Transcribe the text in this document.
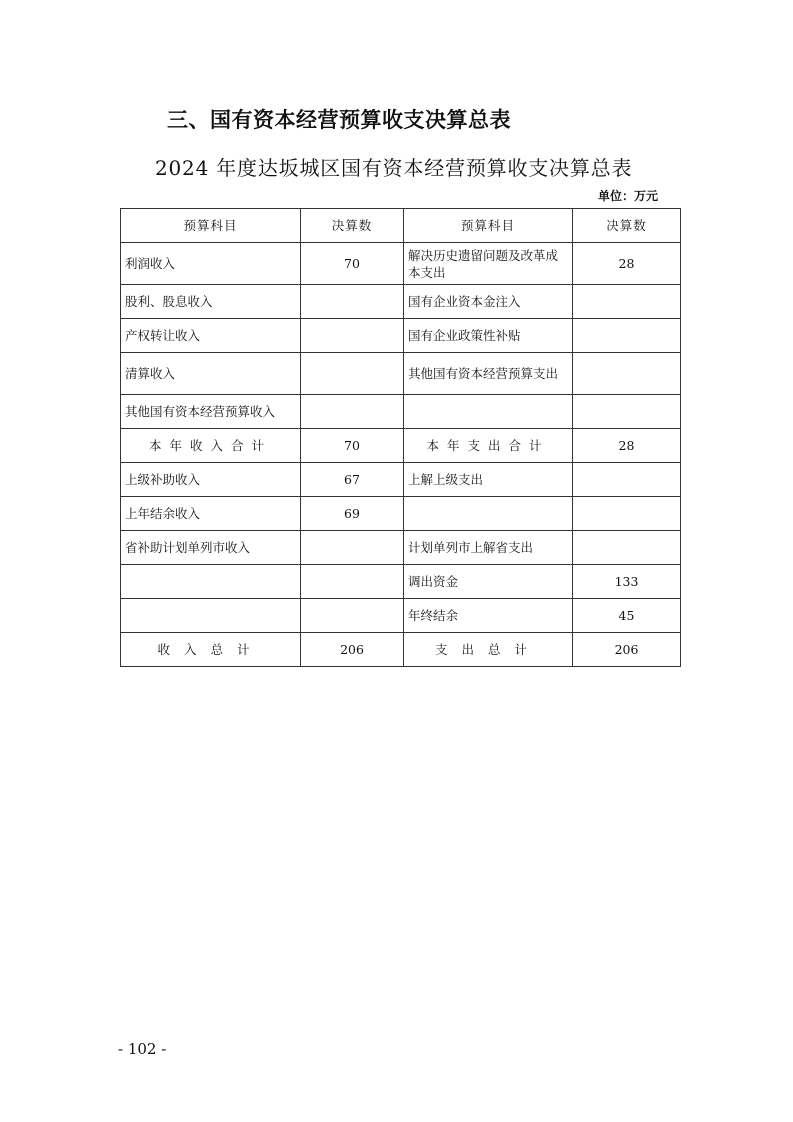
三、国有资本经营预算收支决算总表
2024 年度达坂城区国有资本经营预算收支决算总表
单位：万元
预算科目	决算数	预算科目	决算数
利润收入	70	解决历史遗留问题及改革成本支出	28
股利、股息收入		国有企业资本金注入	
产权转让收入		国有企业政策性补贴	
清算收入		其他国有资本经营预算支出	
其他国有资本经营预算收入			
本年收入合计	70	本年支出合计	28
上级补助收入	67	上解上级支出	
上年结余收入	69		
省补助计划单列市收入		计划单列市上解省支出	
		调出资金	133
		年终结余	45
收入总计	206	支出总计	206
- 102 -
